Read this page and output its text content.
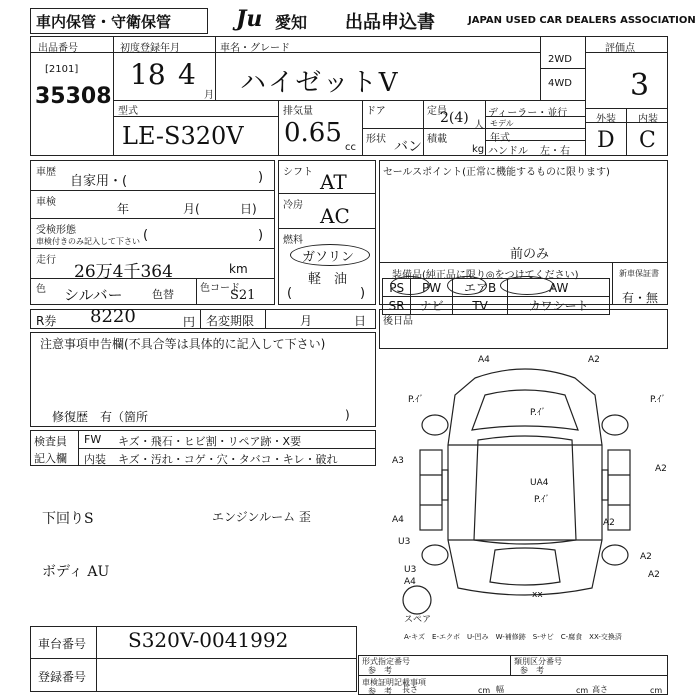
車内保管・守衛保管	Ju 愛知 出品申込書	JAPAN USED CAR DEALERS ASSOCIATION
出品番号
[2101]
35308
初度登録年月
18 4
月
車名・グレード
ハイゼットV
2WD
4WD
評価点
3
外装 内装
D C
型式
LE-S320V
排気量
0.65 cc
ドア
形状 バン
定員
2(4) 人
積載
kg
ディーラー・並行
モデル
年式
ハンドル 左・右
車歴
自家用・(	)
車検	年	月(	日)
受検形態
車検付きのみ記入して下さい (	)
走行
26万4千364	km
色 シルバー	色替	色コード
S21
シフト AT
冷房 AC
燃料
ガソリン
軽　油
(	)
セールスポイント(正常に機能するものに限ります)
前のみ
装備品(純正品に限り◎をつけてください)	新車保証書
有・無
PS	PW	エアB	AW
SR	ナビ	TV	カワシート
R券 8220	円 名変期限	月	日 後日品
注意事項申告欄(不具合等は具体的に記入して下さい)
修復歴　有（箇所	)
検査員
記入欄
FW キズ・飛石・ヒビ割・リペア跡・X要
内装 キズ・汚れ・コゲ・穴・タバコ・キレ・破れ
下回りS	エンジンルーム 歪
ボディ AU
A4	A2
P.ｲﾞ
P.ｲﾞ
P.ｲﾞ
A3
A2
UA4
P.ｲﾞ
A4
U3
A2
A2
U3
A4
A2
xx
スペア
A-キズ　E-エクボ　U-凹み　W-補修跡　S-サビ　C-腐食　XX-交換済
車台番号 S320V-0041992
登録番号
形式指定番号
参　考
類別区分番号
参　考
車検証明記載事項
参　考 長さ	cm 幅	cm 高さ	cm
